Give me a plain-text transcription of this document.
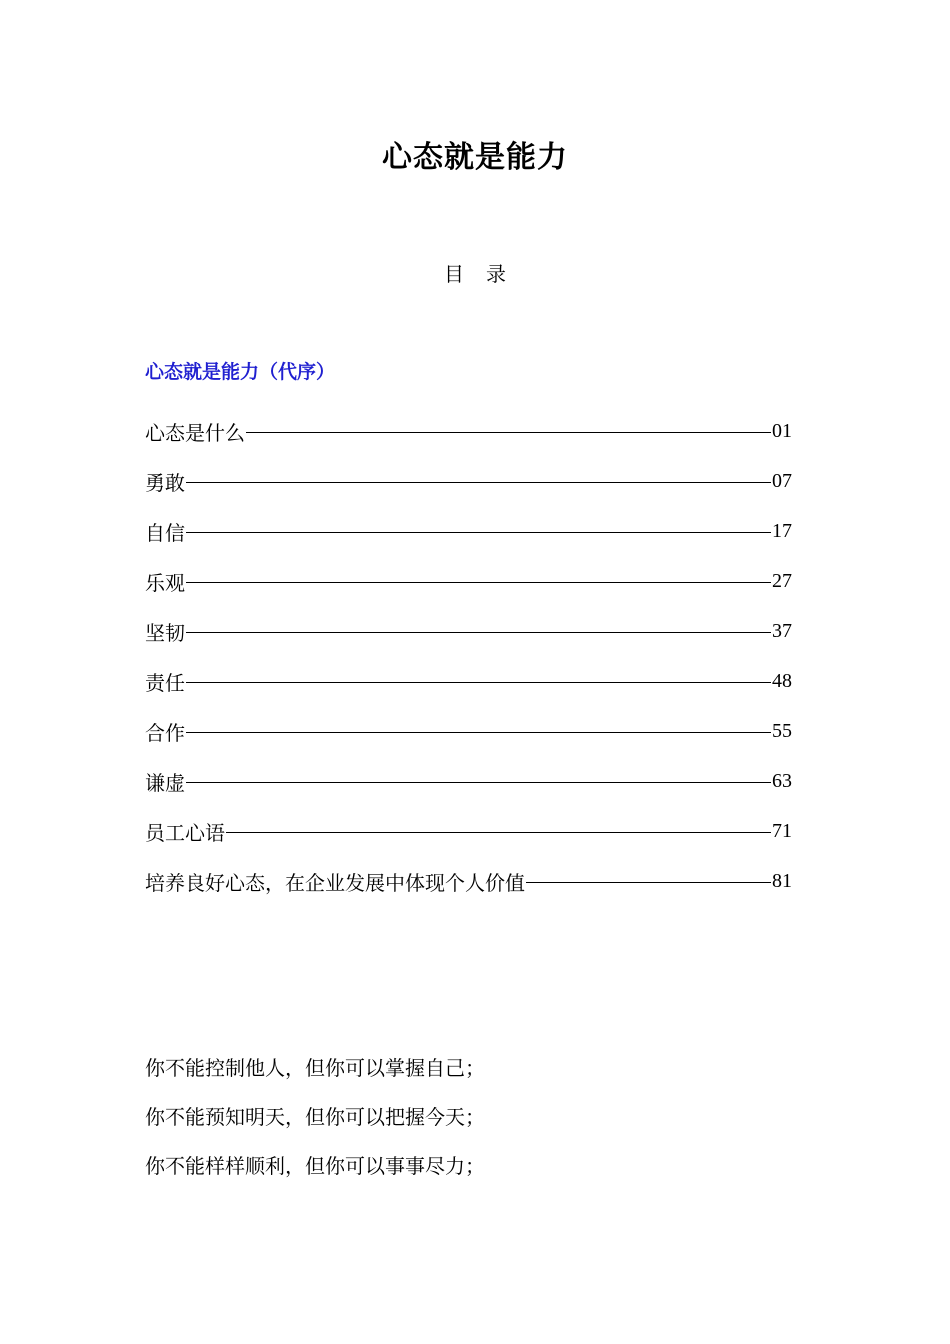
心态就是能力
目 录
心态就是能力（代序）
心态是什么	01
勇敢	07
自信	17
乐观	27
坚韧	37
责任	48
合作	55
谦虚	63
员工心语	71
培养良好心态，在企业发展中体现个人价值	81
你不能控制他人，但你可以掌握自己；
你不能预知明天，但你可以把握今天；
你不能样样顺利，但你可以事事尽力；
